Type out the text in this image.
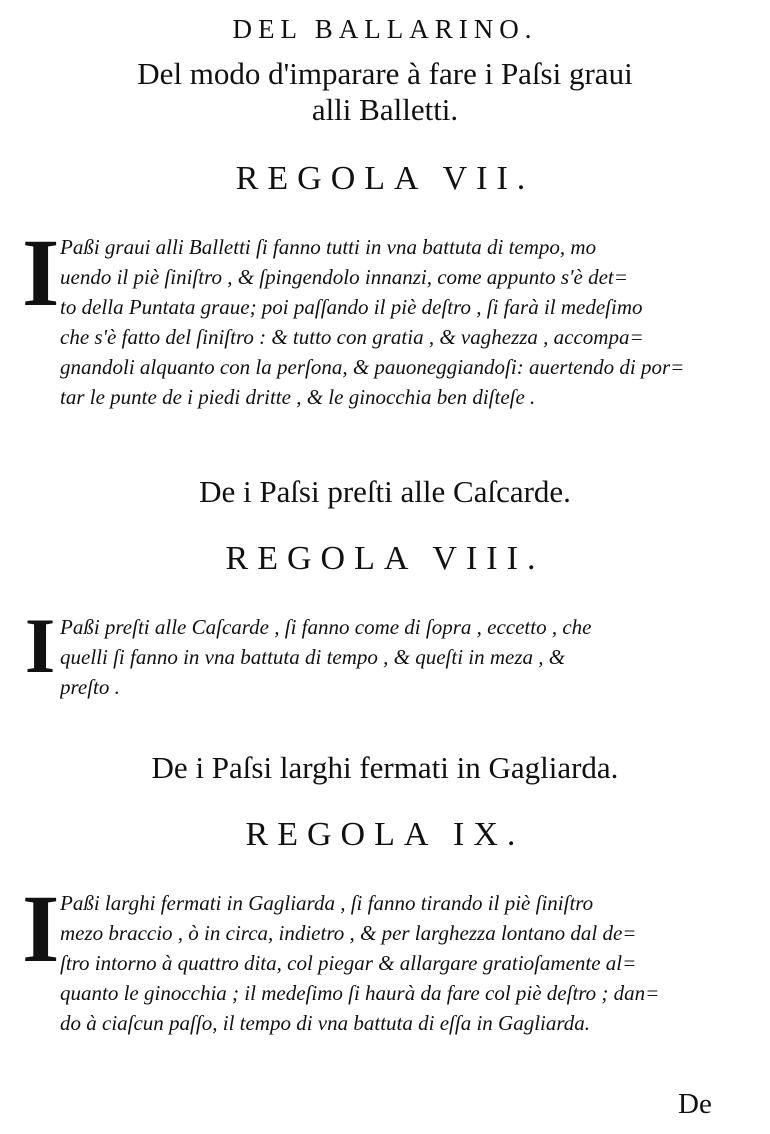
DEL BALLARINO.
Del modo d'imparare à fare i Paſsi graui
alli Balletti.
REGOLA VII.
I Paßi graui alli Balletti ſi fanno tutti in vna battuta di tempo, mo
uendo il piè ſiniſtro , & ſpingendolo innanzi, come appunto s'è det=
to della Puntata graue; poi paſſando il piè deſtro , ſi farà il medeſimo
che s'è fatto del ſiniſtro : & tutto con gratia , & vaghezza , accompa=
gnandoli alquanto con la perſona, & pauoneggiandoſi: auertendo di por=
tar le punte de i piedi dritte , & le ginocchia ben diſteſe .
De i Paſsi preſti alle Caſcarde.
REGOLA VIII.
I Paßi preſti alle Caſcarde , ſi fanno come di ſopra , eccetto , che
quelli ſi fanno in vna battuta di tempo , & queſti in meza , &
preſto .
De i Paſsi larghi fermati in Gagliarda.
REGOLA IX.
I Paßi larghi fermati in Gagliarda , ſi fanno tirando il piè ſiniſtro
mezo braccio , ò in circa, indietro , & per larghezza lontano dal de=
ſtro intorno à quattro dita, col piegar & allargare gratioſamente al=
quanto le ginocchia ; il medeſimo ſi haurà da fare col piè deſtro ; dan=
do à ciaſcun paſſo, il tempo di vna battuta di eſſa in Gagliarda.
De
